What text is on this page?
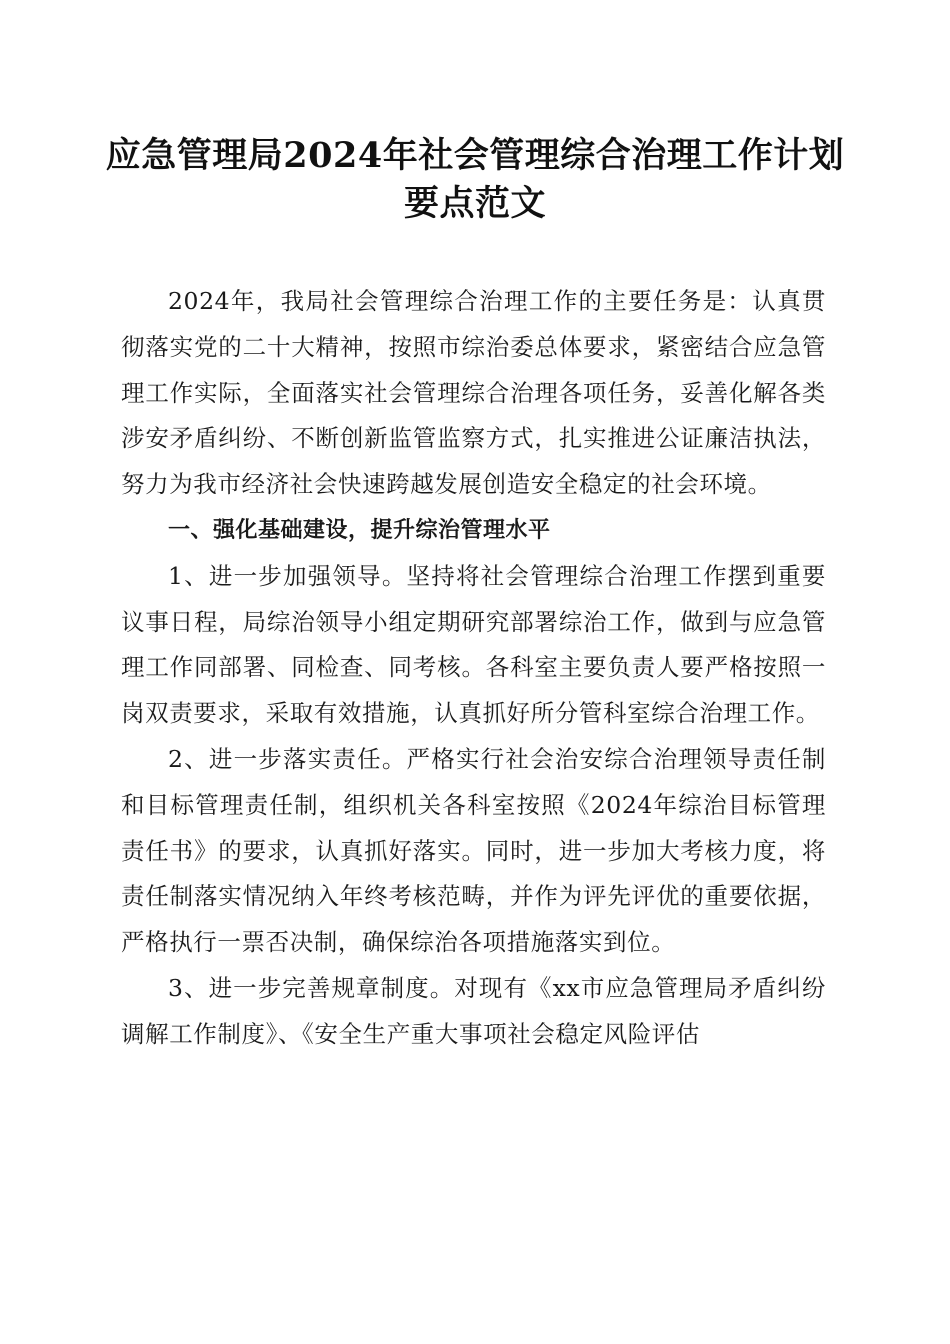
应急管理局2024年社会管理综合治理工作计划要点范文

2024年，我局社会管理综合治理工作的主要任务是：认真贯彻落实党的二十大精神，按照市综治委总体要求，紧密结合应急管理工作实际，全面落实社会管理综合治理各项任务，妥善化解各类涉安矛盾纠纷、不断创新监管监察方式，扎实推进公证廉洁执法，努力为我市经济社会快速跨越发展创造安全稳定的社会环境。

一、强化基础建设，提升综治管理水平

1、进一步加强领导。坚持将社会管理综合治理工作摆到重要议事日程，局综治领导小组定期研究部署综治工作，做到与应急管理工作同部署、同检查、同考核。各科室主要负责人要严格按照一岗双责要求，采取有效措施，认真抓好所分管科室综合治理工作。

2、进一步落实责任。严格实行社会治安综合治理领导责任制和目标管理责任制，组织机关各科室按照《2024年综治目标管理责任书》的要求，认真抓好落实。同时，进一步加大考核力度，将责任制落实情况纳入年终考核范畴，并作为评先评优的重要依据，严格执行一票否决制，确保综治各项措施落实到位。

3、进一步完善规章制度。对现有《xx市应急管理局矛盾纠纷调解工作制度》、《安全生产重大事项社会稳定风险评估
